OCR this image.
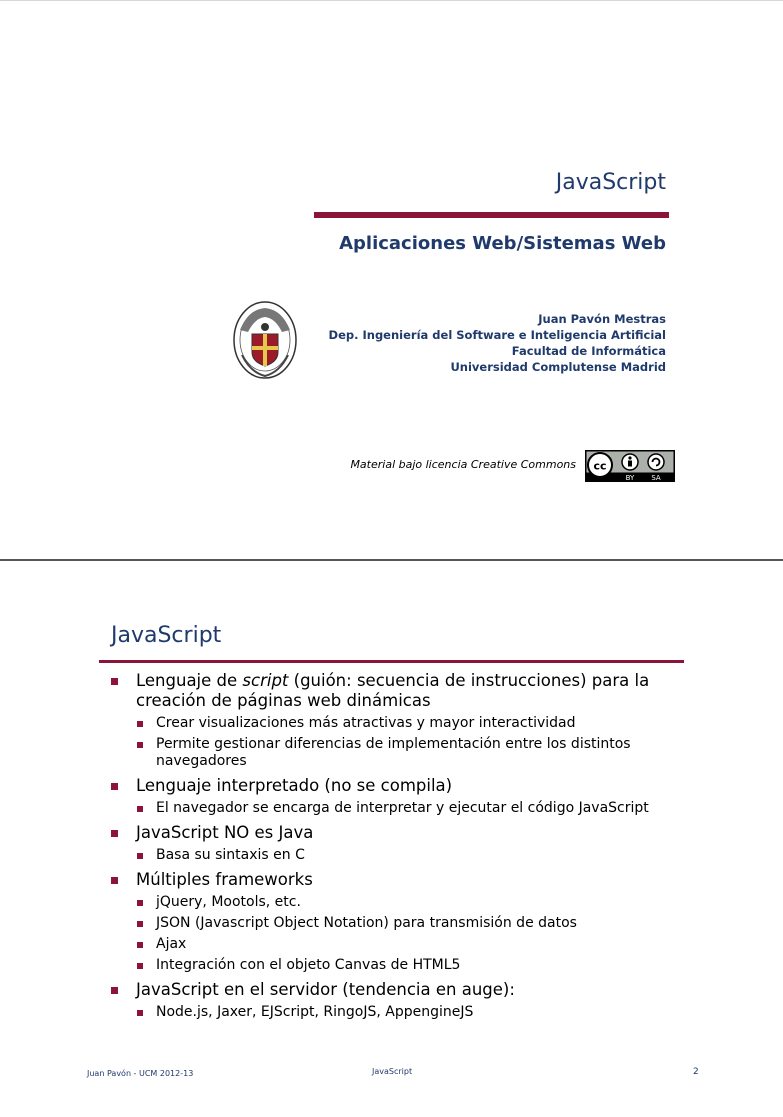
JavaScript
Aplicaciones Web/Sistemas Web
Juan Pavón Mestras
Dep. Ingeniería del Software e Inteligencia Artificial
Facultad de Informática
Universidad Complutense Madrid
Material bajo licencia Creative Commons cc
BY SA
JavaScript
Lenguaje de script (guión: secuencia de instrucciones) para la creación de páginas web dinámicas
Crear visualizaciones más atractivas y mayor interactividad
Permite gestionar diferencias de implementación entre los distintos navegadores
Lenguaje interpretado (no se compila)
El navegador se encarga de interpretar y ejecutar el código JavaScript
JavaScript NO es Java
Basa su sintaxis en C
Múltiples frameworks
jQuery, Mootols, etc.
JSON (Javascript Object Notation) para transmisión de datos
Ajax
Integración con el objeto Canvas de HTML5
JavaScript en el servidor (tendencia en auge):
Node.js, Jaxer, EJScript, RingoJS, AppengineJS
Juan Pavón - UCM 2012-13	JavaScript	2
